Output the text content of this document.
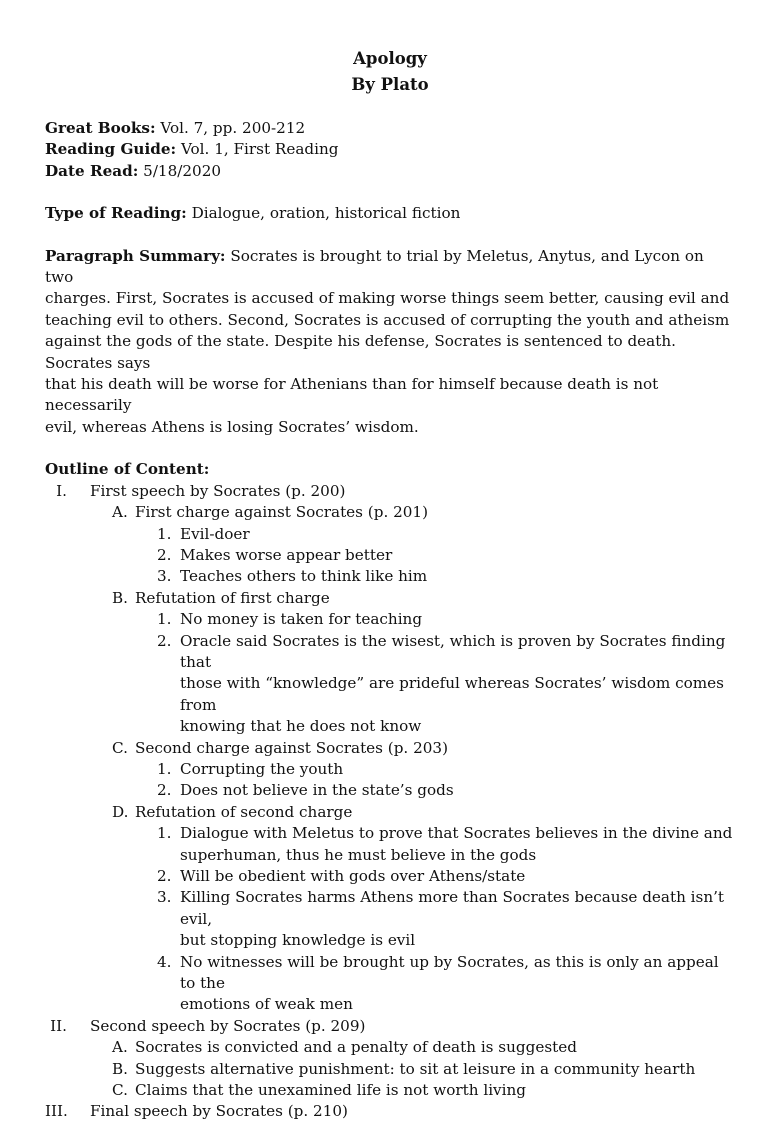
Apology

By Plato

Great Books: Vol. 7, pp. 200-212

Reading Guide: Vol. 1, First Reading

Date Read: 5/18/2020

Type of Reading: Dialogue, oration, historical fiction

Paragraph Summary: Socrates is brought to trial by Meletus, Anytus, and Lycon on two

charges. First, Socrates is accused of making worse things seem better, causing evil and

teaching evil to others. Second, Socrates is accused of corrupting the youth and atheism

against the gods of the state. Despite his defense, Socrates is sentenced to death. Socrates says

that his death will be worse for Athenians than for himself because death is not necessarily

evil, whereas Athens is losing Socrates’ wisdom.

Outline of Content:
I. First speech by Socrates (p. 200)
A. First charge against Socrates (p. 201)
1. Evil-doer
2. Makes worse appear better
3. Teaches others to think like him
B. Refutation of first charge
1. No money is taken for teaching
2. Oracle said Socrates is the wisest, which is proven by Socrates finding that
those with “knowledge” are prideful whereas Socrates’ wisdom comes from
knowing that he does not know
C. Second charge against Socrates (p. 203)
1. Corrupting the youth
2. Does not believe in the state’s gods
D. Refutation of second charge
1. Dialogue with Meletus to prove that Socrates believes in the divine and
superhuman, thus he must believe in the gods
2. Will be obedient with gods over Athens/state
3. Killing Socrates harms Athens more than Socrates because death isn’t evil,
but stopping knowledge is evil
4. No witnesses will be brought up by Socrates, as this is only an appeal to the
emotions of weak men
II. Second speech by Socrates (p. 209)
A. Socrates is convicted and a penalty of death is suggested
B. Suggests alternative punishment: to sit at leisure in a community hearth
C. Claims that the unexamined life is not worth living
III. Final speech by Socrates (p. 210)
